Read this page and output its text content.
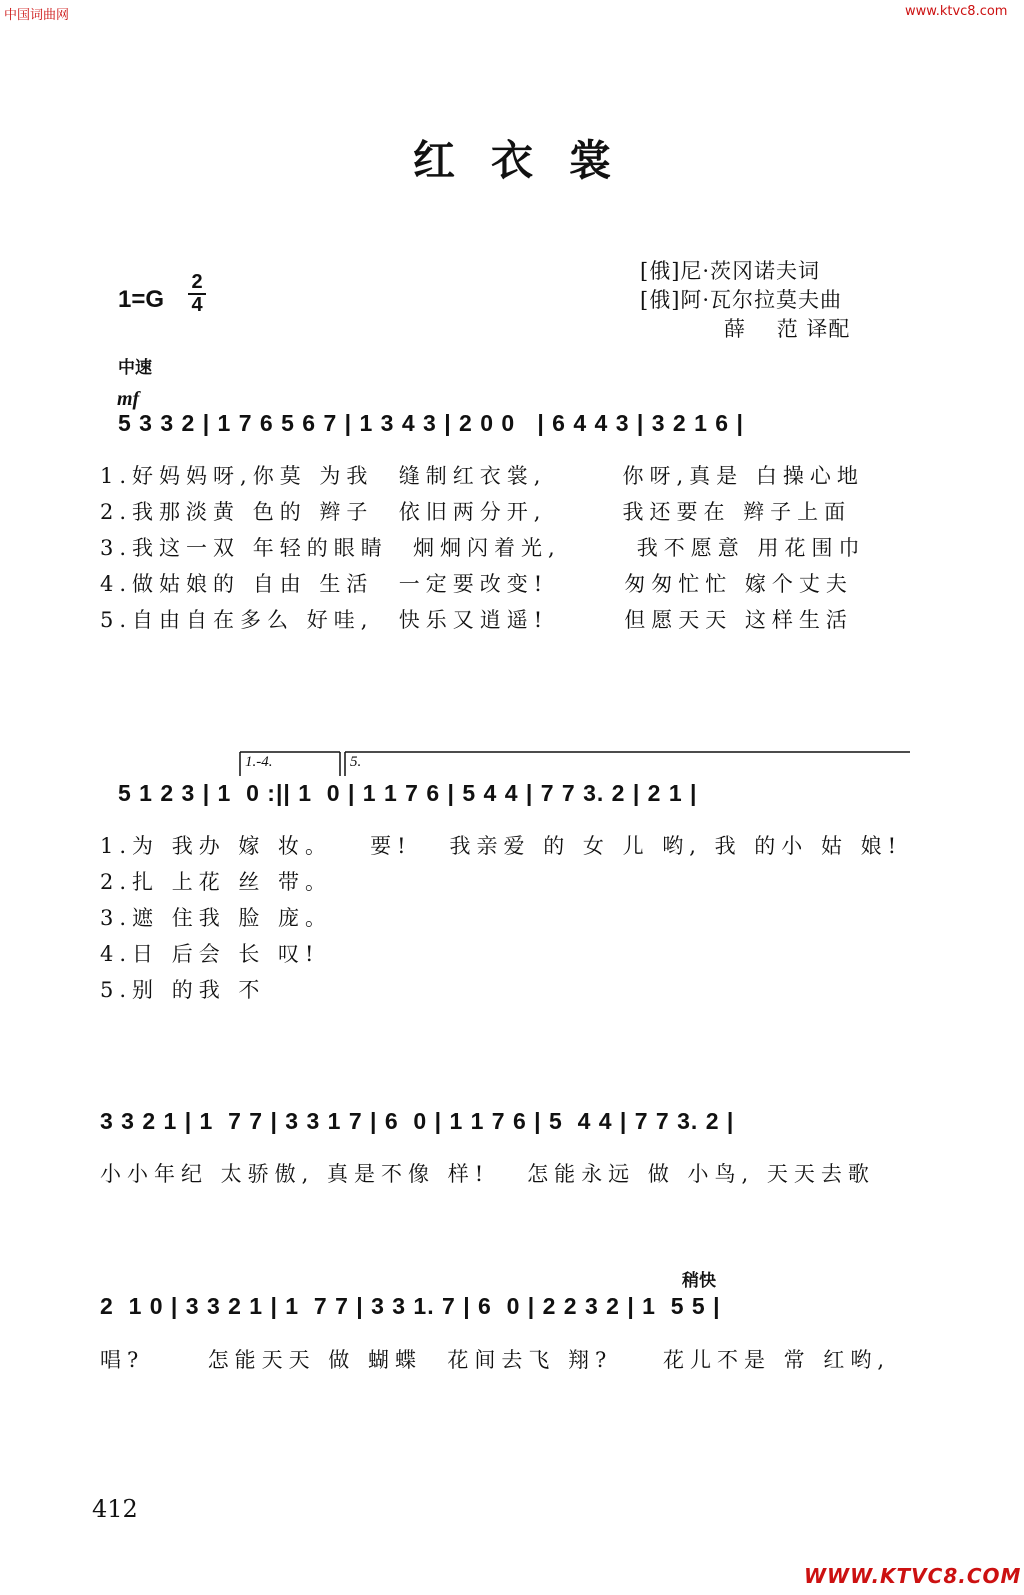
中国词曲网	www.ktvc8.com
红衣裳
[俄]尼·茨冈诺夫词
[俄]阿·瓦尔拉莫夫曲
薛    范 译配
1=G
2
4
中速
mf
5 3 3 2 | 1 7 6 5 6 7 | 1 3 4 3 | 2 0 0   | 6 4 4 3 | 3 2 1 6 |
1.好妈妈呀,你莫 为我  缝制红衣裳,      你呀,真是 白操心地
2.我那淡黄 色的 辫子  依旧两分开,      我还要在 辫子上面
3.我这一双 年轻的眼睛  炯炯闪着光,      我不愿意 用花围巾
4.做姑娘的 自由 生活  一定要改变!      匆匆忙忙 嫁个丈夫
5.自由自在多么 好哇,  快乐又逍遥!      但愿天天 这样生活
1.-4.	5.
5 1 2 3 | 1  0 :|| 1  0 | 1 1 7 6 | 5 4 4 | 7 7 3. 2 | 2 1 |
1.为 我办 嫁 妆。   要!   我亲爱 的 女 儿 哟, 我 的小 姑 娘!
2.扎 上花 丝 带。
3.遮 住我 脸 庞。
4.日 后会 长 叹!
5.别 的我 不
3 3 2 1 | 1  7 7 | 3 3 1 7 | 6  0 | 1 1 7 6 | 5  4 4 | 7 7 3. 2 |
小小年纪 太骄傲, 真是不像 样!   怎能永远 做 小鸟, 天天去歌
稍快
2  1 0 | 3 3 2 1 | 1  7 7 | 3 3 1. 7 | 6  0 | 2 2 3 2 | 1  5 5 |
唱?     怎能天天 做 蝴蝶  花间去飞 翔?    花儿不是 常 红哟,
412
WWW.KTVC8.COM
